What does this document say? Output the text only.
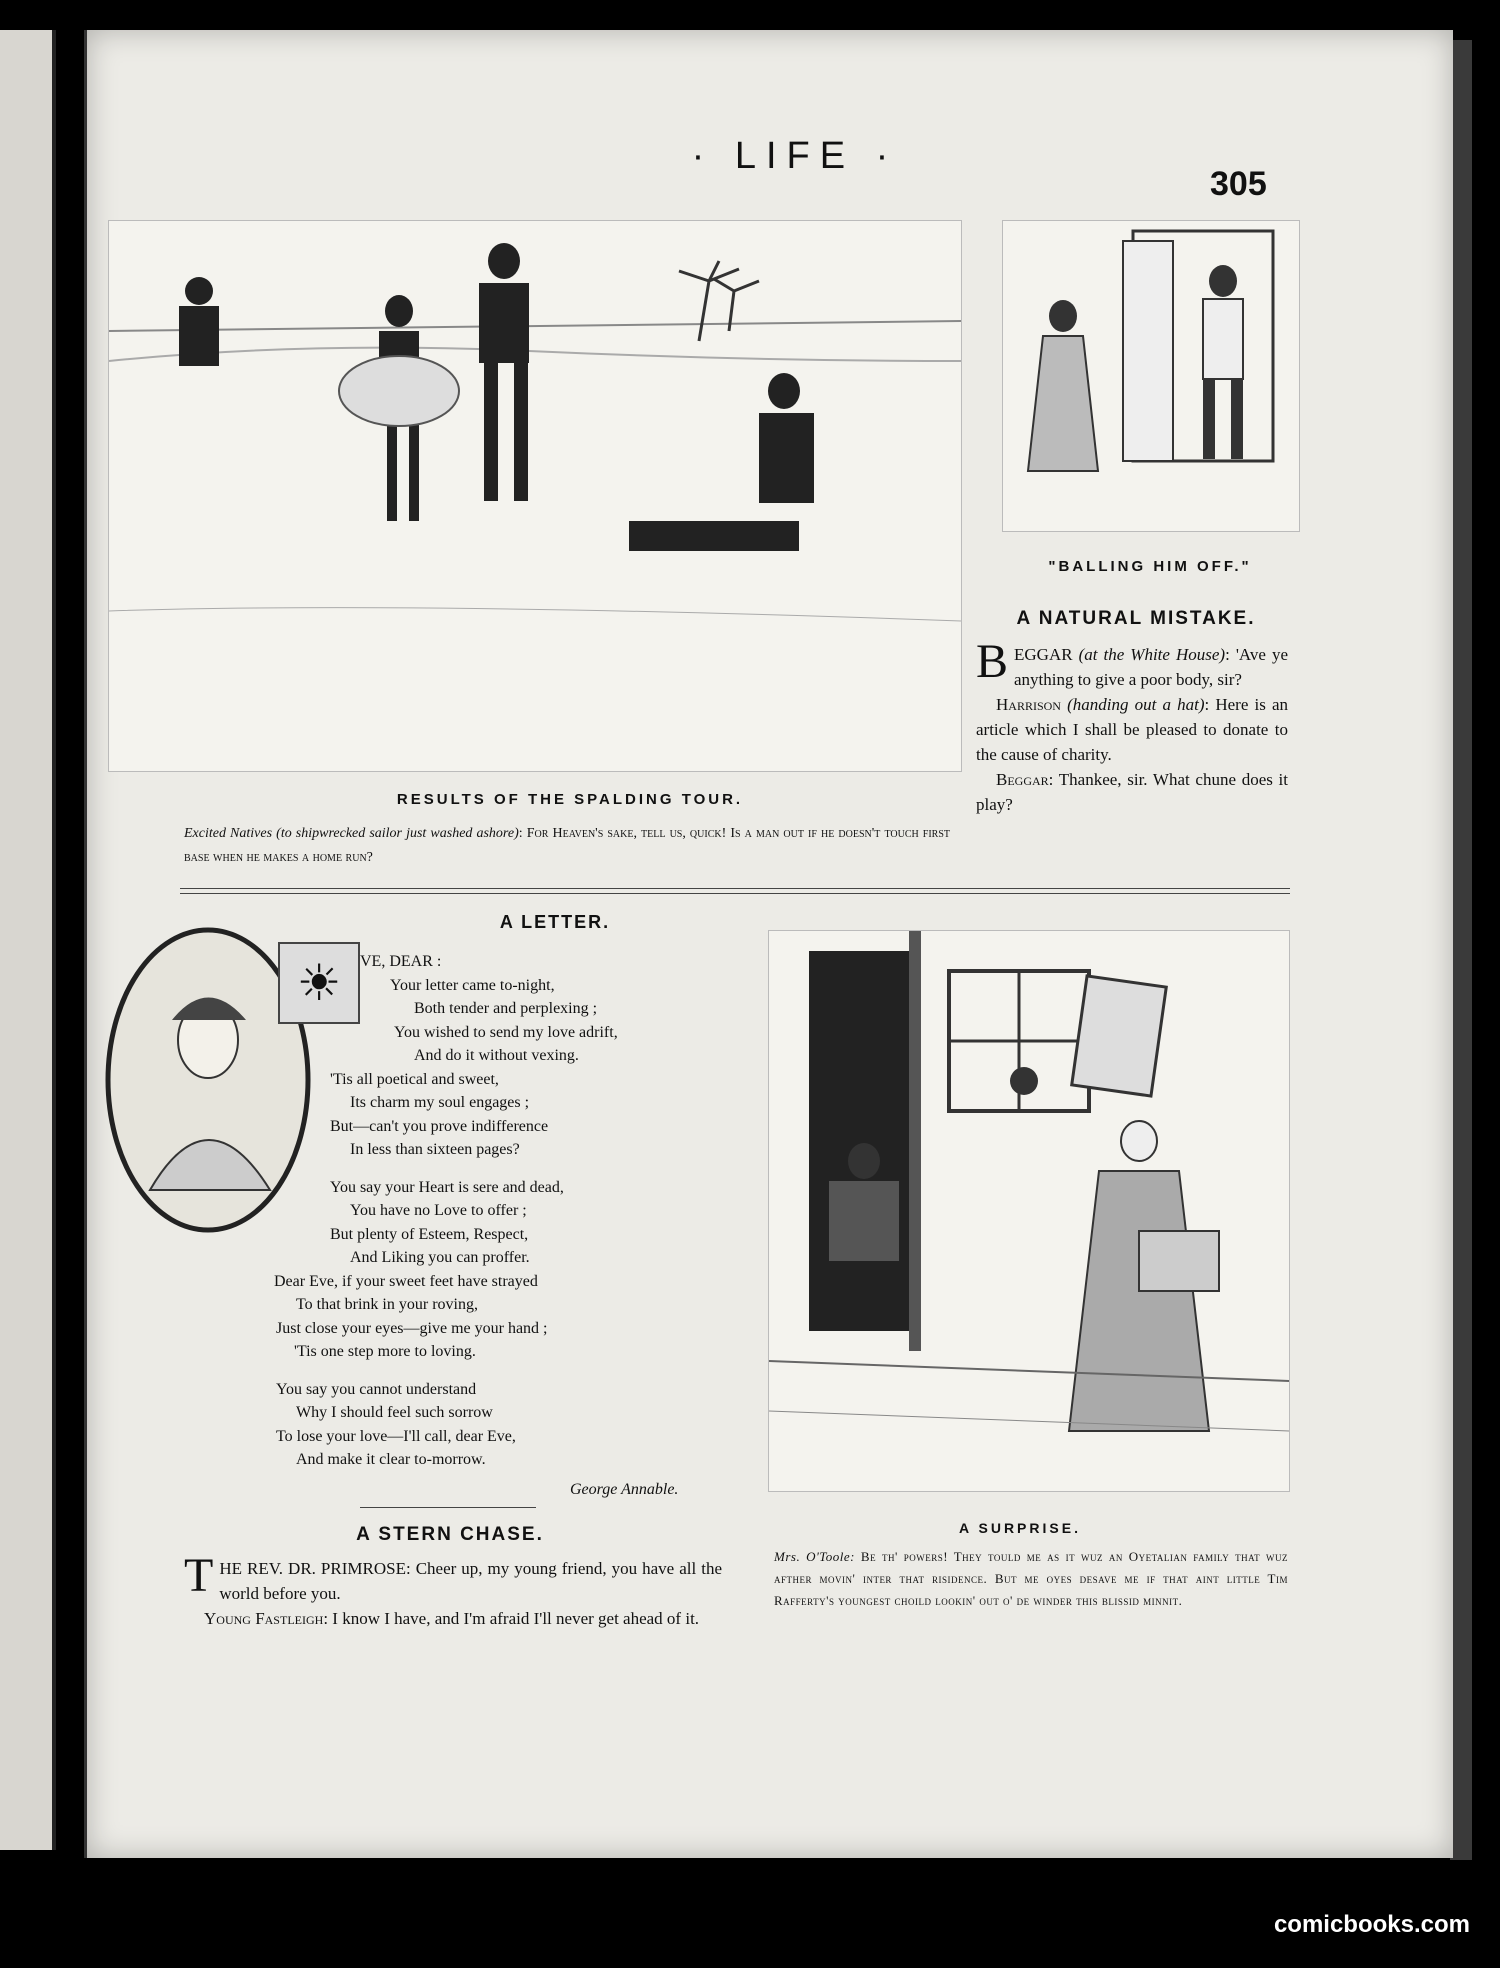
· LIFE ·
305
"BALLING HIM OFF."
A NATURAL MISTAKE.

BEGGAR (at the White House): 'Ave ye anything to give a poor body, sir?

Harrison (handing out a hat): Here is an article which I shall be pleased to donate to the cause of charity.

Beggar: Thankee, sir. What chune does it play?

RESULTS OF THE SPALDING TOUR.
Excited Natives (to shipwrecked sailor just washed ashore): For Heaven's sake, tell us, quick! Is a man out if he doesn't touch first base when he makes a home run?
A LETTER.
☀	VE, DEAR :
Your letter came to-night,
Both tender and perplexing ;
You wished to send my love adrift,
And do it without vexing.
'Tis all poetical and sweet,
Its charm my soul engages ;
But—can't you prove indifference
In less than sixteen pages?
You say your Heart is sere and dead,
You have no Love to offer ;
But plenty of Esteem, Respect,
And Liking you can proffer.
Dear Eve, if your sweet feet have strayed
To that brink in your roving,
Just close your eyes—give me your hand ;
'Tis one step more to loving.
You say you cannot understand
Why I should feel such sorrow
To lose your love—I'll call, dear Eve,
And make it clear to-morrow.
George Annable.
A STERN CHASE.

THE REV. DR. PRIMROSE: Cheer up, my young friend, you have all the world before you.

Young Fastleigh: I know I have, and I'm afraid I'll never get ahead of it.

A SURPRISE.
Mrs. O'Toole: Be th' powers! They tould me as it wuz an Oyetalian family that wuz afther movin' inter that risidence. But me oyes desave me if that aint little Tim Rafferty's youngest choild lookin' out o' de winder this blissid minnit.
comicbooks.com
